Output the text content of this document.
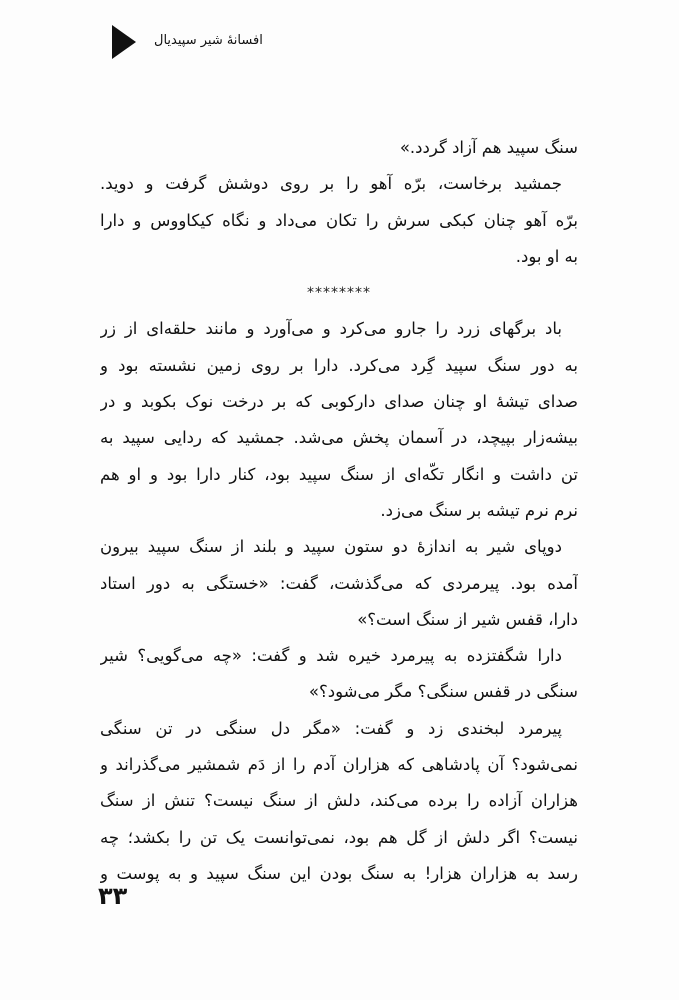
افسانهٔ شیر سپیدیال
سنگ سپید هم آزاد گردد.»
جمشید برخاست، برّه آهو را بر روی دوشش گرفت و دوید.
برّه آهو چنان کبکی سرش را تکان می‌داد و نگاه کیکاووس و دارا
به او بود.
********
باد برگهای زرد را جارو می‌کرد و می‌آورد و مانند حلقه‌ای از زر
به دور سنگ سپید گِرد می‌کرد. دارا بر روی زمین نشسته بود و
صدای تیشهٔ او چنان صدای دارکوبی که بر درخت نوک بکوبد و در
بیشه‌زار بپیچد، در آسمان پخش می‌شد. جمشید که ردایی سپید به
تن داشت و انگار تکّه‌ای از سنگ سپید بود، کنار دارا بود و او هم
نرم نرم تیشه بر سنگ می‌زد.
دوپای شیر به اندازهٔ دو ستون سپید و بلند از سنگ سپید بیرون
آمده بود. پیرمردی که می‌گذشت، گفت: «خستگی به دور استاد
دارا، قفس شیر از سنگ است؟»
دارا شگفتزده به پیرمرد خیره شد و گفت: «چه می‌گویی؟ شیر
سنگی در قفس سنگی؟ مگر می‌شود؟»
پیرمرد لبخندی زد و گفت: «مگر دل سنگی در تن سنگی
نمی‌شود؟ آن پادشاهی که هزاران آدم را از دَم شمشیر می‌گذراند و
هزاران آزاده را برده می‌کند، دلش از سنگ نیست؟ تنش از سنگ
نیست؟ اگر دلش از گل هم بود، نمی‌توانست یک تن را بکشد؛ چه
رسد به هزاران هزار! به سنگ بودن این سنگ سپید و به پوست و
۳۳
